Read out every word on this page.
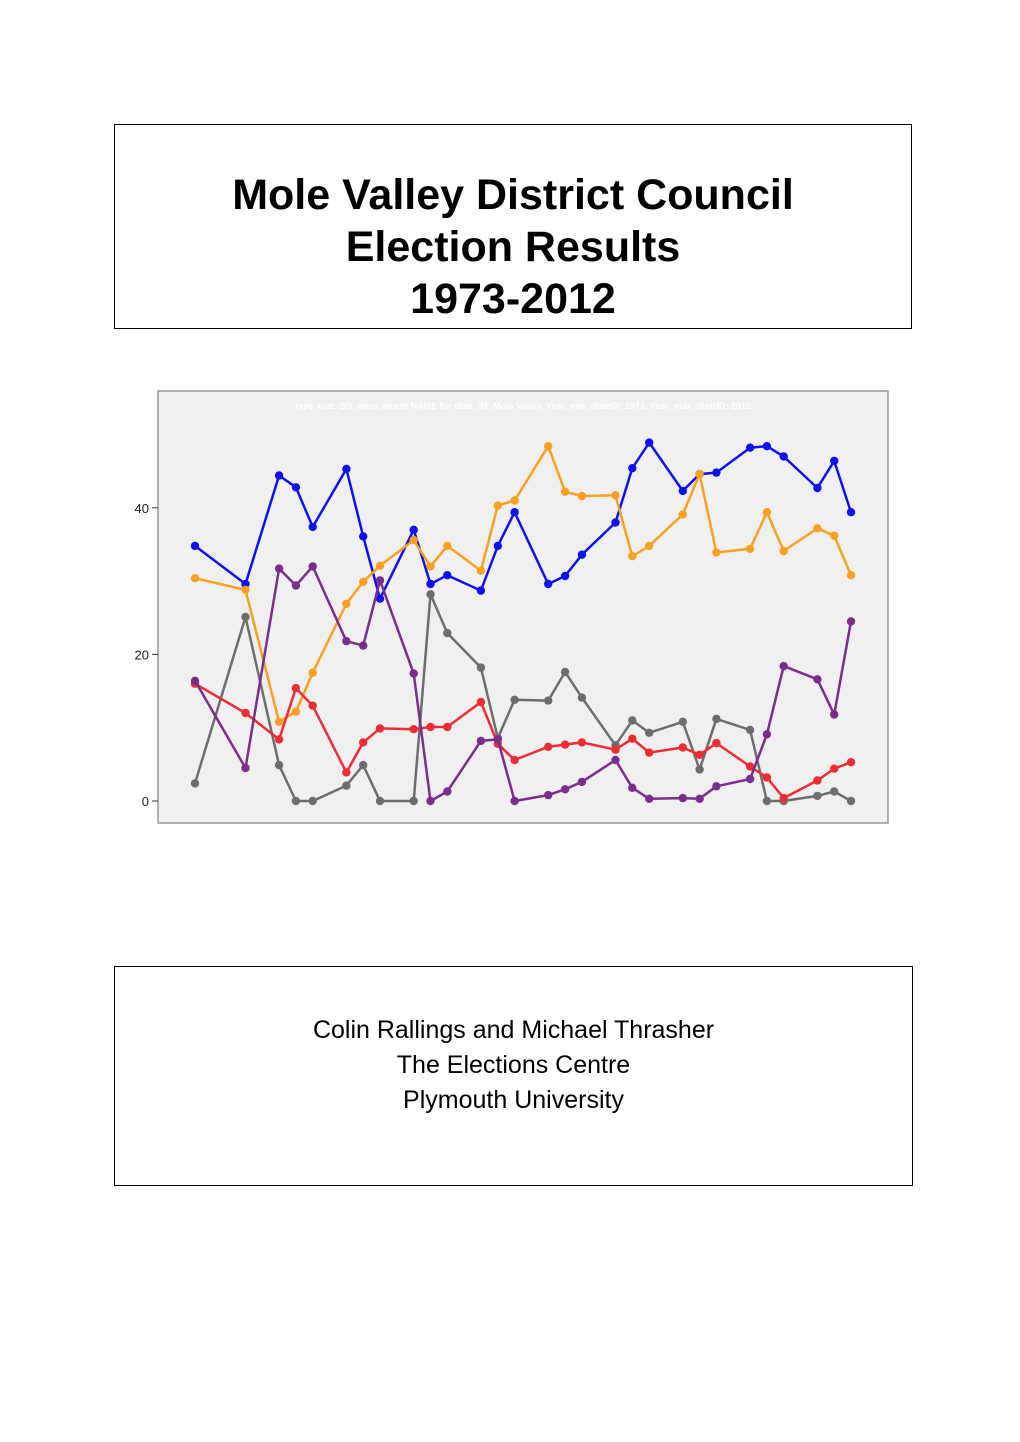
Mole Valley District Council
Election Results
1973-2012
type 4cat: SD, most recent NAME for distr_ID: Mole Valley, Year_min_distrID: 1973, Year_max_distrID: 2012
0
20
40
Colin Rallings and Michael Thrasher
The Elections Centre
Plymouth University
